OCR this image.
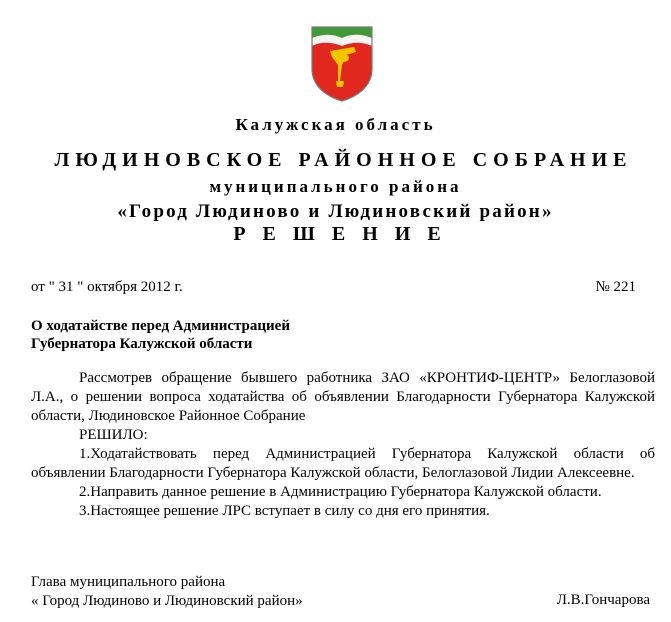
Калужская область
ЛЮДИНОВСКОЕ РАЙОННОЕ СОБРАНИЕ
муниципального района
«Город Людиново и Людиновский район»
РЕШЕНИЕ
от " 31 " октября 2012 г.	№ 221
О ходатайстве перед Администрацией
Губернатора Калужской области

Рассмотрев обращение бывшего работника ЗАО «КРОНТИФ-ЦЕНТР» Белоглазовой Л.А., о решении вопроса ходатайства об объявлении Благодарности Губернатора Калужской области, Людиновское Районное Собрание

РЕШИЛО:

1.Ходатайствовать перед Администрацией Губернатора Калужской области об объявлении Благодарности Губернатора Калужской области, Белоглазовой Лидии Алексеевне.

2.Направить данное решение в Администрацию Губернатора Калужской области.

3.Настоящее решение ЛРС вступает в силу со дня его принятия.

Глава муниципального района
« Город Людиново и Людиновский район»	Л.В.Гончарова
